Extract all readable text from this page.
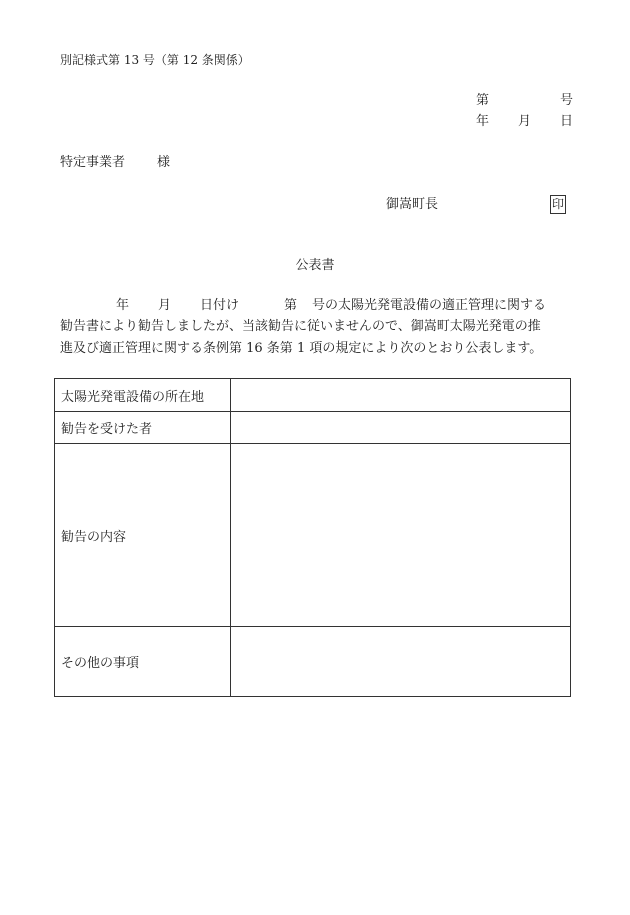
別記様式第 13 号（第 12 条関係）
第	号
年 月 日
特定事業者 様
御嵩町長	印
公表書
年 月 日付け	第 号の太陽光発電設備の適正管理に関する
勧告書により勧告しましたが、当該勧告に従いませんので、御嵩町太陽光発電の推
進及び適正管理に関する条例第 16 条第 1 項の規定により次のとおり公表します。
太陽光発電設備の所在地	
勧告を受けた者	
勧告の内容	
その他の事項	
